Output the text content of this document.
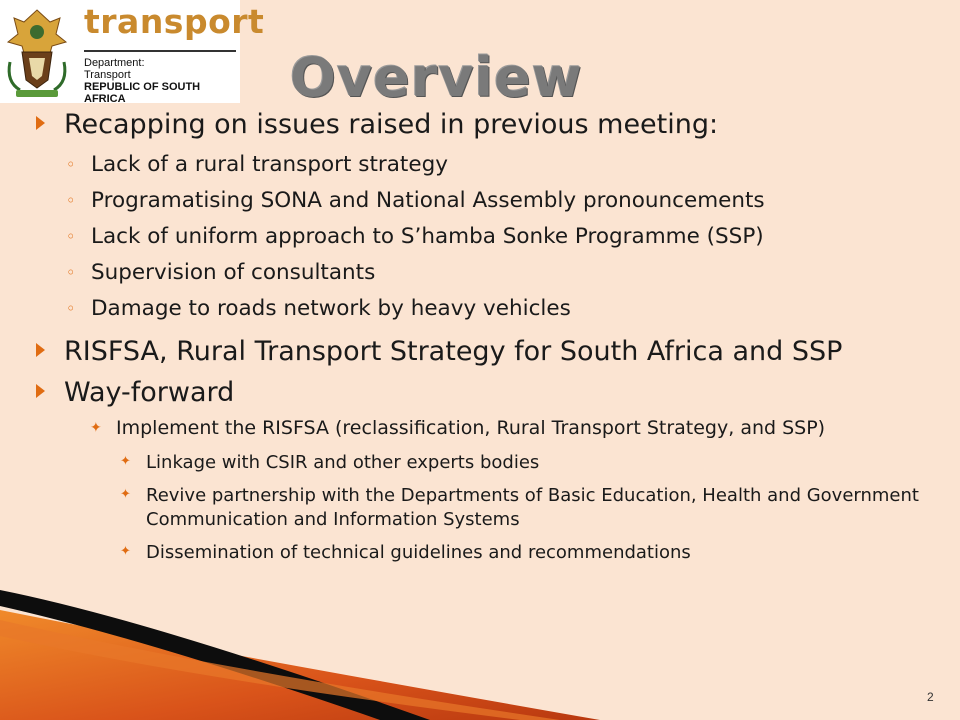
transport
Department:
Transport
REPUBLIC OF SOUTH AFRICA	Overview
Recapping on issues raised in previous meeting:
◦ Lack of a rural transport strategy
◦ Programatising SONA and National Assembly pronouncements
◦ Lack of uniform approach to S’hamba Sonke Programme (SSP)
◦ Supervision of consultants
◦ Damage to roads network by heavy vehicles
RISFSA, Rural Transport Strategy for South Africa and SSP
Way-forward
✦ Implement the RISFSA (reclassification, Rural Transport Strategy, and SSP)
✦ Linkage with CSIR and other experts bodies
✦ Revive partnership with the Departments of Basic Education, Health and Government Communication and Information Systems
✦ Dissemination of technical guidelines and recommendations
2
